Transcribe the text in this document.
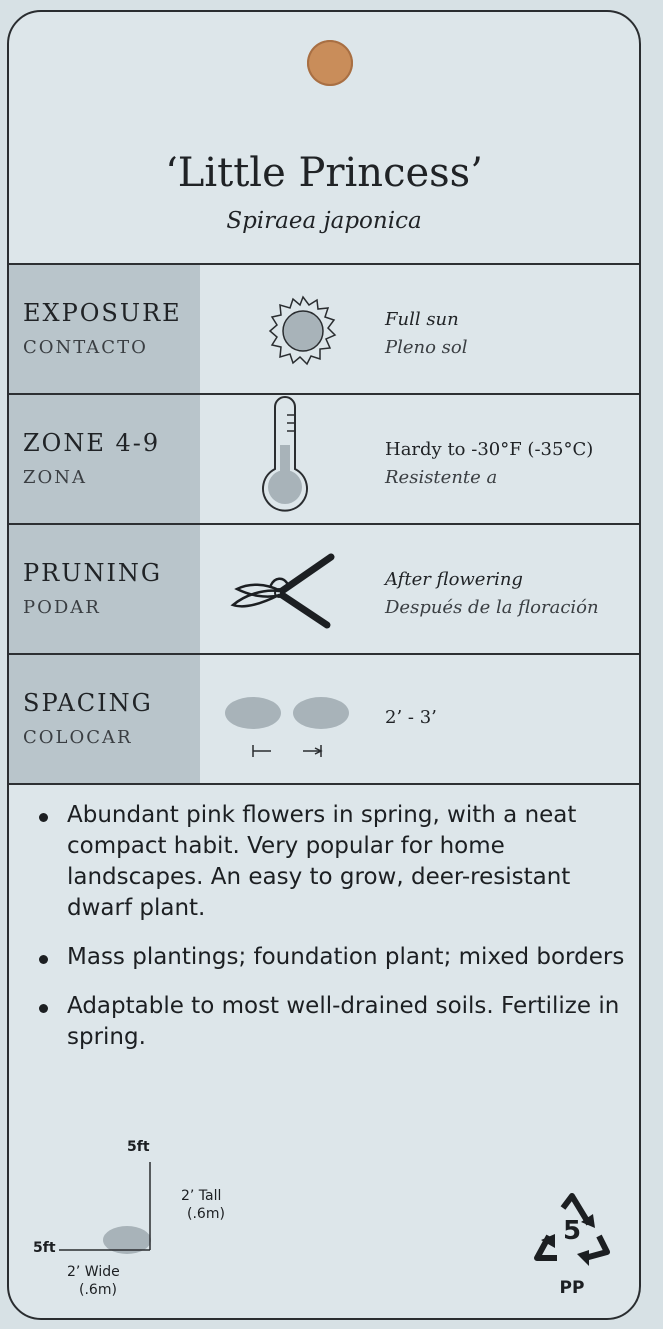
‘Little Princess’
Spiraea japonica
EXPOSURE
CONTACTO
Full sun
Pleno sol
ZONE 4-9
ZONA
Hardy to -30°F (-35°C)
Resistente a
PRUNING
PODAR
After flowering
Después de la floración
SPACING
COLOCAR
2’ - 3’
Abundant pink flowers in spring, with a neat compact habit. Very popular for home landscapes. An easy to grow, deer-resistant dwarf plant.
Mass plantings; foundation plant; mixed borders
Adaptable to most well-drained soils. Fertilize in spring.
5ft
5ft
2’ Tall
(.6m)
2’ Wide
(.6m)
5
PP
